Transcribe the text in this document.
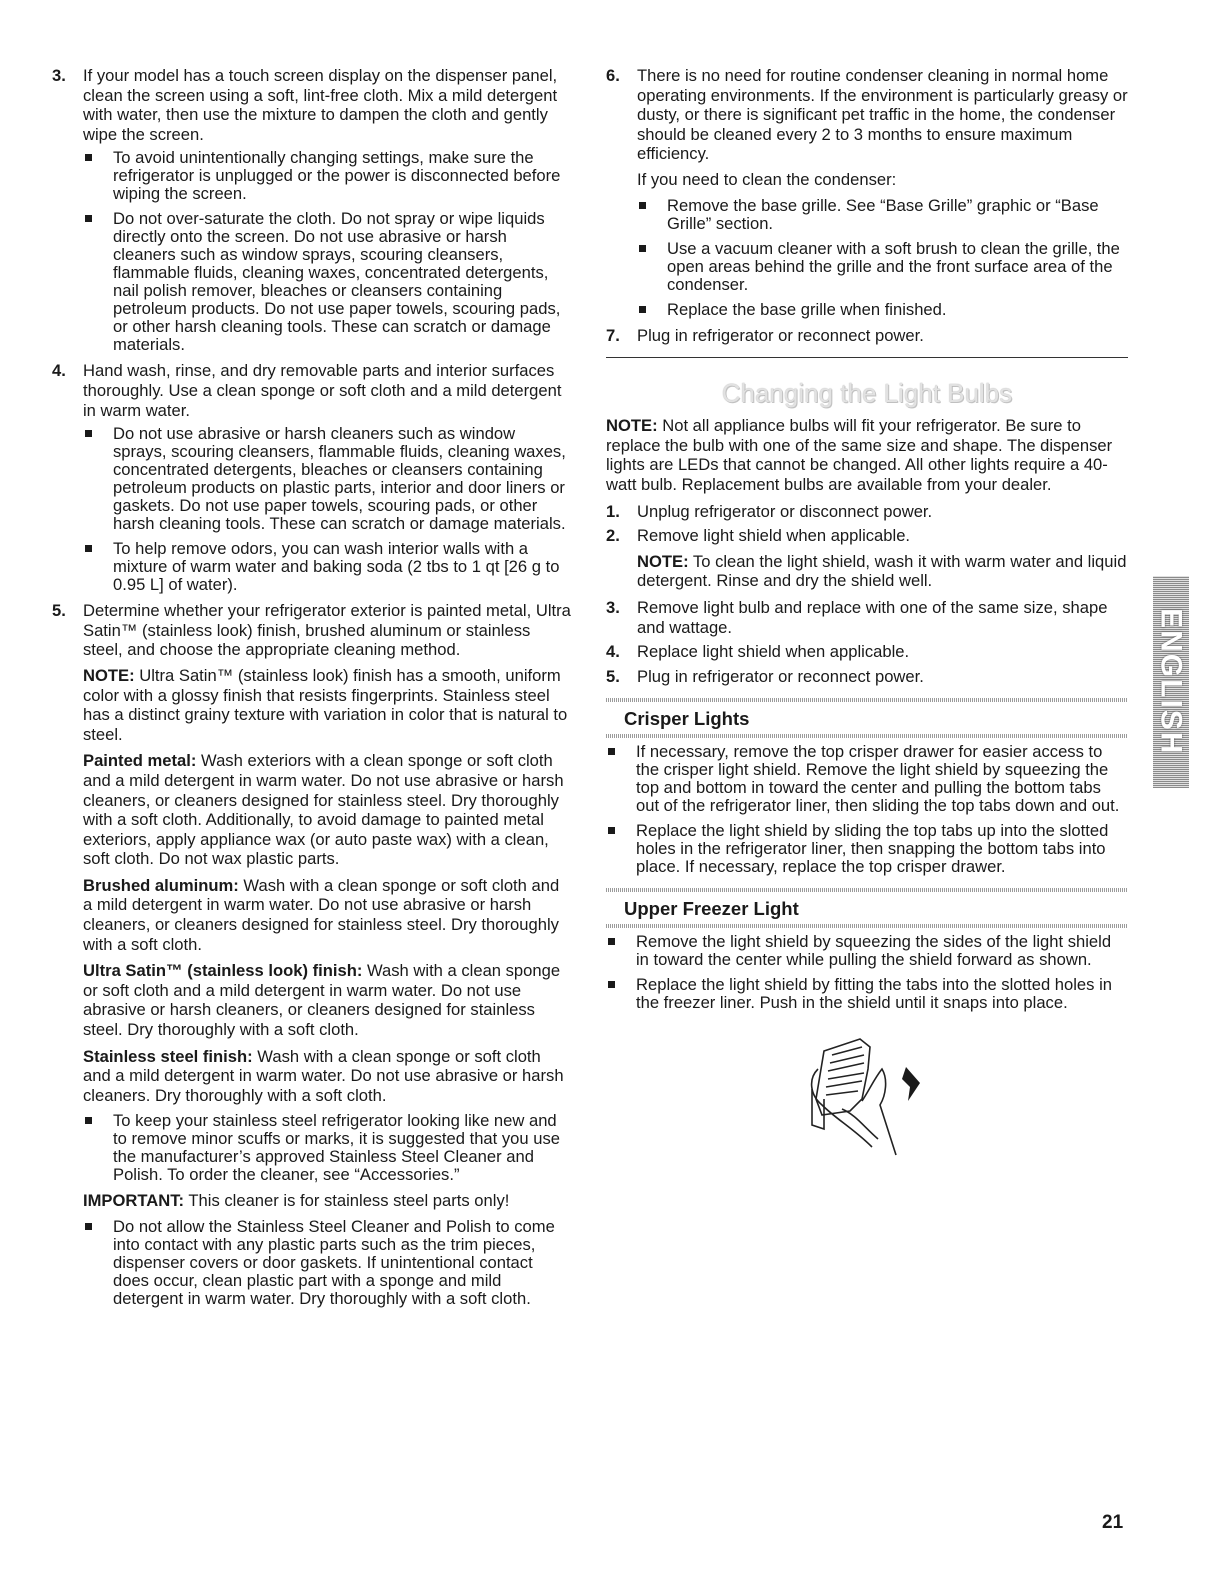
3.	If your model has a touch screen display on the dispenser panel, clean the screen using a soft, lint-free cloth. Mix a mild detergent with water, then use the mixture to dampen the cloth and gently wipe the screen.
To avoid unintentionally changing settings, make sure the refrigerator is unplugged or the power is disconnected before wiping the screen.
Do not over-saturate the cloth. Do not spray or wipe liquids directly onto the screen. Do not use abrasive or harsh cleaners such as window sprays, scouring cleansers, flammable fluids, cleaning waxes, concentrated detergents, nail polish remover, bleaches or cleansers containing petroleum products. Do not use paper towels, scouring pads, or other harsh cleaning tools. These can scratch or damage materials.
4.	Hand wash, rinse, and dry removable parts and interior surfaces thoroughly. Use a clean sponge or soft cloth and a mild detergent in warm water.
Do not use abrasive or harsh cleaners such as window sprays, scouring cleansers, flammable fluids, cleaning waxes, concentrated detergents, bleaches or cleansers containing petroleum products on plastic parts, interior and door liners or gaskets. Do not use paper towels, scouring pads, or other harsh cleaning tools. These can scratch or damage materials.
To help remove odors, you can wash interior walls with a mixture of warm water and baking soda (2 tbs to 1 qt [26 g to 0.95 L] of water).
5.	Determine whether your refrigerator exterior is painted metal, Ultra Satin™ (stainless look) finish, brushed aluminum or stainless steel, and choose the appropriate cleaning method.
NOTE: Ultra Satin™ (stainless look) finish has a smooth, uniform color with a glossy finish that resists fingerprints. Stainless steel has a distinct grainy texture with variation in color that is natural to steel.
Painted metal: Wash exteriors with a clean sponge or soft cloth and a mild detergent in warm water. Do not use abrasive or harsh cleaners, or cleaners designed for stainless steel. Dry thoroughly with a soft cloth. Additionally, to avoid damage to painted metal exteriors, apply appliance wax (or auto paste wax) with a clean, soft cloth. Do not wax plastic parts.
Brushed aluminum: Wash with a clean sponge or soft cloth and a mild detergent in warm water. Do not use abrasive or harsh cleaners, or cleaners designed for stainless steel. Dry thoroughly with a soft cloth.
Ultra Satin™ (stainless look) finish: Wash with a clean sponge or soft cloth and a mild detergent in warm water. Do not use abrasive or harsh cleaners, or cleaners designed for stainless steel. Dry thoroughly with a soft cloth.
Stainless steel finish: Wash with a clean sponge or soft cloth and a mild detergent in warm water. Do not use abrasive or harsh cleaners. Dry thoroughly with a soft cloth.
To keep your stainless steel refrigerator looking like new and to remove minor scuffs or marks, it is suggested that you use the manufacturer’s approved Stainless Steel Cleaner and Polish. To order the cleaner, see “Accessories.”
IMPORTANT: This cleaner is for stainless steel parts only!
Do not allow the Stainless Steel Cleaner and Polish to come into contact with any plastic parts such as the trim pieces, dispenser covers or door gaskets. If unintentional contact does occur, clean plastic part with a sponge and mild detergent in warm water. Dry thoroughly with a soft cloth.
6.	There is no need for routine condenser cleaning in normal home operating environments. If the environment is particularly greasy or dusty, or there is significant pet traffic in the home, the condenser should be cleaned every 2 to 3 months to ensure maximum efficiency.
If you need to clean the condenser:
Remove the base grille. See “Base Grille” graphic or “Base Grille” section.
Use a vacuum cleaner with a soft brush to clean the grille, the open areas behind the grille and the front surface area of the condenser.
Replace the base grille when finished.
7.	Plug in refrigerator or reconnect power.
Changing the Light Bulbs
NOTE: Not all appliance bulbs will fit your refrigerator. Be sure to replace the bulb with one of the same size and shape. The dispenser lights are LEDs that cannot be changed. All other lights require a 40-watt bulb. Replacement bulbs are available from your dealer.
1.	Unplug refrigerator or disconnect power.
2.	Remove light shield when applicable.
NOTE: To clean the light shield, wash it with warm water and liquid detergent. Rinse and dry the shield well.
3.	Remove light bulb and replace with one of the same size, shape and wattage.
4.	Replace light shield when applicable.
5.	Plug in refrigerator or reconnect power.
Crisper Lights
If necessary, remove the top crisper drawer for easier access to the crisper light shield. Remove the light shield by squeezing the top and bottom in toward the center and pulling the bottom tabs out of the refrigerator liner, then sliding the top tabs down and out.
Replace the light shield by sliding the top tabs up into the slotted holes in the refrigerator liner, then snapping the bottom tabs into place. If necessary, replace the top crisper drawer.
Upper Freezer Light
Remove the light shield by squeezing the sides of the light shield in toward the center while pulling the shield forward as shown.
Replace the light shield by fitting the tabs into the slotted holes in the freezer liner. Push in the shield until it snaps into place.
ENGLISH
21
